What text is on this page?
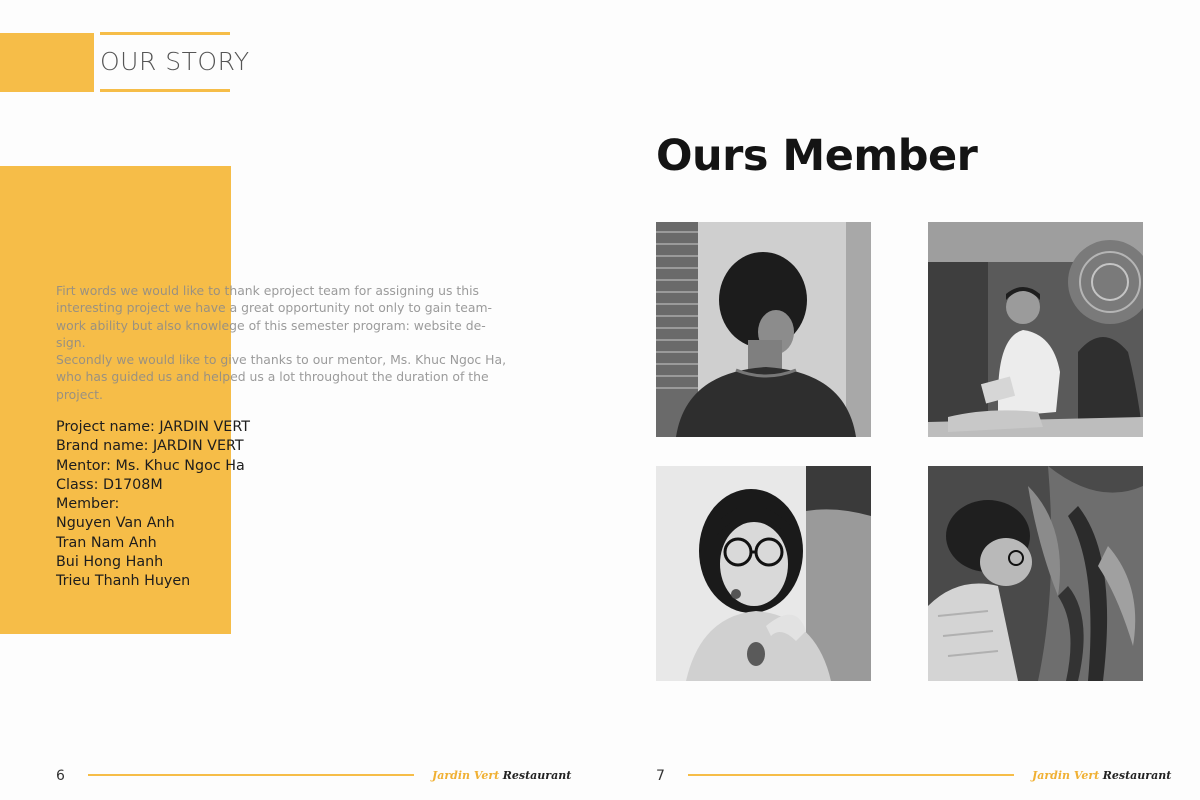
OUR STORY

Firt words we would like to thank eproject team for assigning us this

interesting project we have a great opportunity not only to gain team-

work ability but also knowlege of this semester program: website de-

sign.

Secondly we would like to give thanks to our mentor, Ms. Khuc Ngoc Ha,

who has guided us and helped us a lot throughout the duration of the

project.

Project name: JARDIN VERT
Brand name: JARDIN VERT
Mentor: Ms. Khuc Ngoc Ha
Class: D1708M
Member:
Nguyen Van Anh
Tran Nam Anh
Bui Hong Hanh
Trieu Thanh Huyen
6	Jardin Vert Restaurant
Ours Member
7	Jardin Vert Restaurant
